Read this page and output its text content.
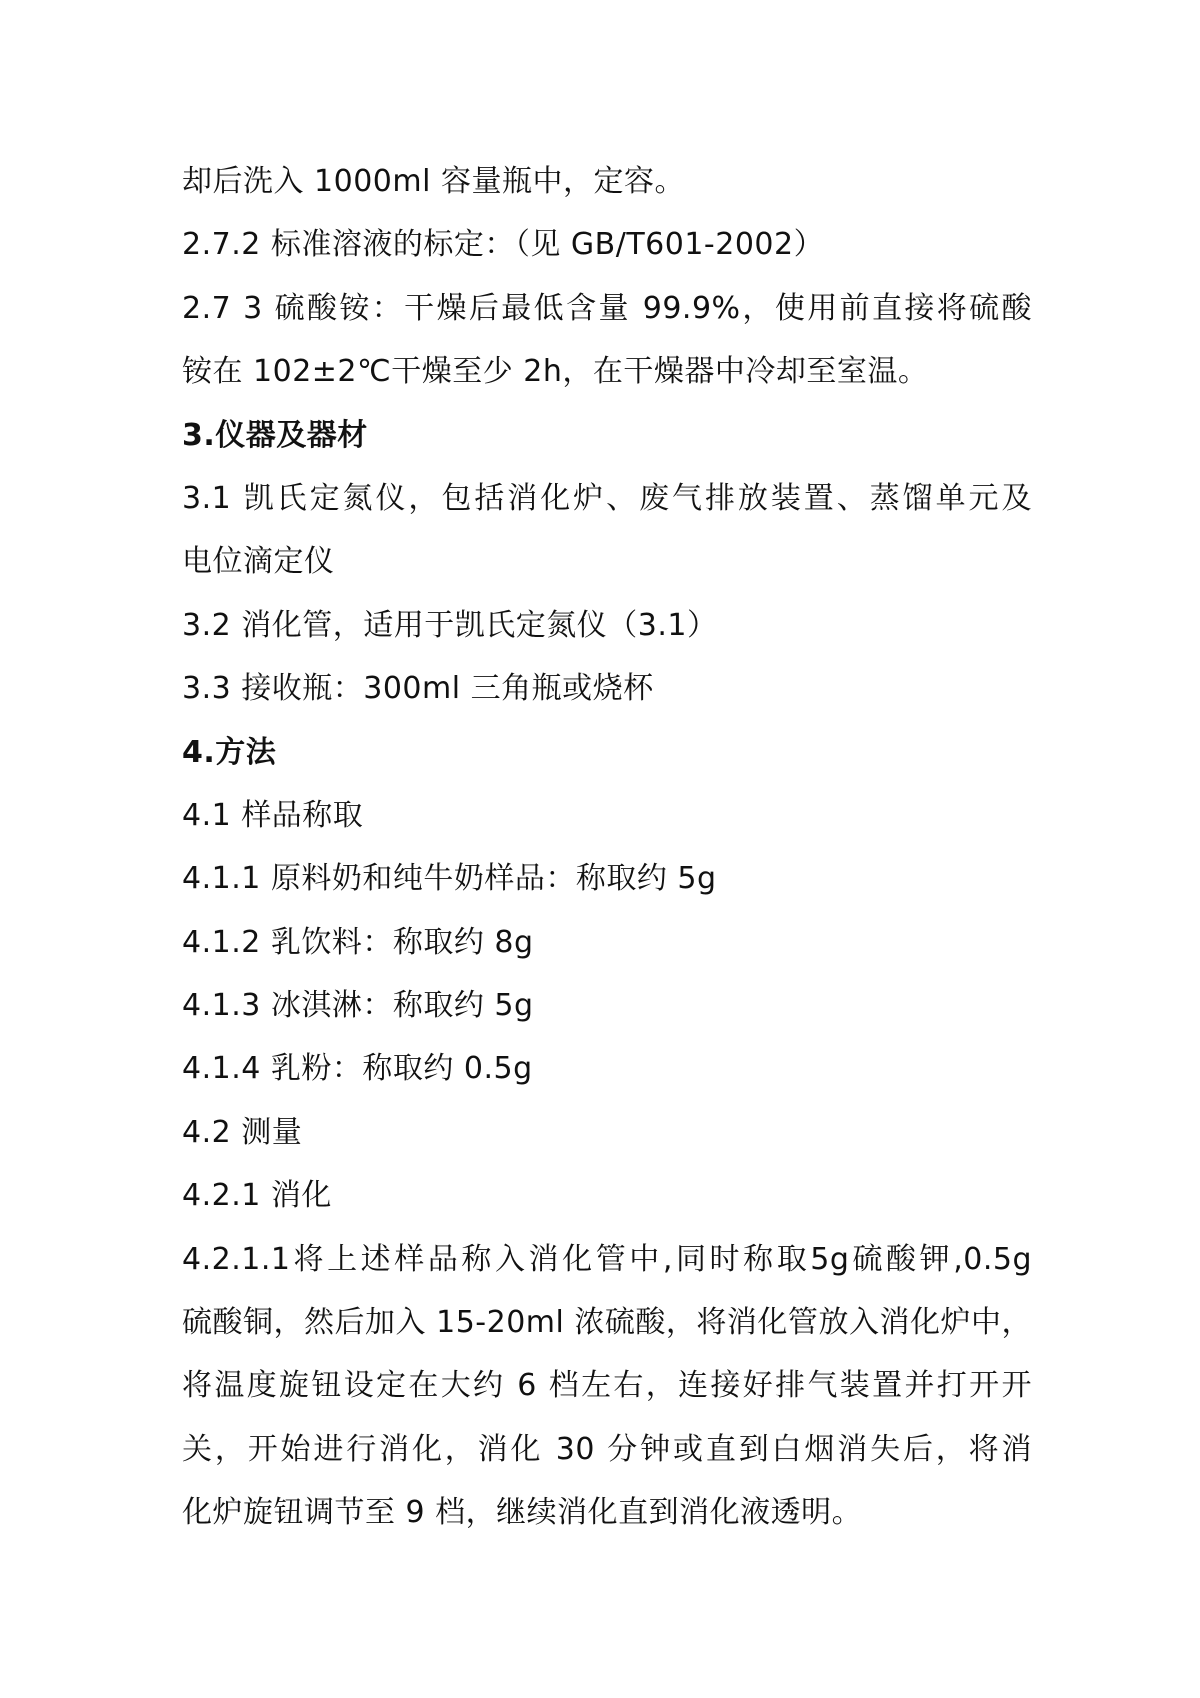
却后洗入 1000ml 容量瓶中，定容。
2.7.2 标准溶液的标定：（见 GB/T601-2002）
2.7 3 硫酸铵：干燥后最低含量 99.9%，使用前直接将硫酸
铵在 102±2℃干燥至少 2h，在干燥器中冷却至室温。
3.仪器及器材
3.1 凯氏定氮仪，包括消化炉、废气排放装置、蒸馏单元及
电位滴定仪
3.2 消化管，适用于凯氏定氮仪（3.1）
3.3 接收瓶：300ml 三角瓶或烧杯
4.方法
4.1 样品称取
4.1.1 原料奶和纯牛奶样品：称取约 5g
4.1.2 乳饮料：称取约 8g
4.1.3 冰淇淋：称取约 5g
4.1.4 乳粉：称取约 0.5g
4.2 测量
4.2.1 消化
4.2.1.1将上述样品称入消化管中,同时称取5g硫酸钾,0.5g
硫酸铜，然后加入 15-20ml 浓硫酸，将消化管放入消化炉中，
将温度旋钮设定在大约 6 档左右，连接好排气装置并打开开
关，开始进行消化，消化 30 分钟或直到白烟消失后，将消
化炉旋钮调节至 9 档，继续消化直到消化液透明。
